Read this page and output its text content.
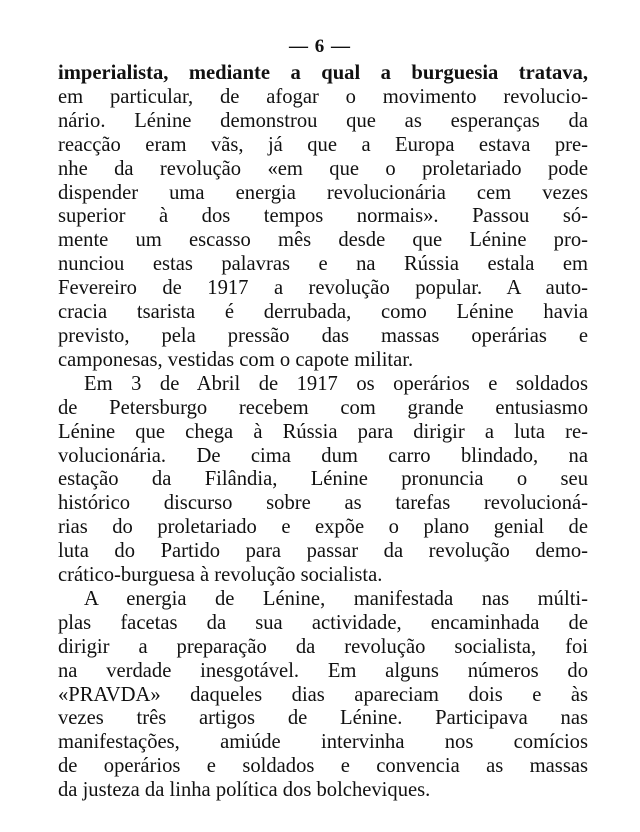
— 6 —
imperialista, mediante a qual a burguesia tratava,
em particular, de afogar o movimento revolucio-
nário. Lénine demonstrou que as esperanças da
reacção eram vãs, já que a Europa estava pre-
nhe da revolução «em que o proletariado pode
dispender uma energia revolucionária cem vezes
superior à dos tempos normais». Passou só-
mente um escasso mês desde que Lénine pro-
nunciou estas palavras e na Rússia estala em
Fevereiro de 1917 a revolução popular. A auto-
cracia tsarista é derrubada, como Lénine havia
previsto, pela pressão das massas operárias e
camponesas, vestidas com o capote militar.
Em 3 de Abril de 1917 os operários e soldados
de Petersburgo recebem com grande entusiasmo
Lénine que chega à Rússia para dirigir a luta re-
volucionária. De cima dum carro blindado, na
estação da Filândia, Lénine pronuncia o seu
histórico discurso sobre as tarefas revolucioná-
rias do proletariado e expõe o plano genial de
luta do Partido para passar da revolução demo-
crático-burguesa à revolução socialista.
A energia de Lénine, manifestada nas múlti-
plas facetas da sua actividade, encaminhada de
dirigir a preparação da revolução socialista, foi
na verdade inesgotável. Em alguns números do
«PRAVDA» daqueles dias apareciam dois e às
vezes três artigos de Lénine. Participava nas
manifestações, amiúde intervinha nos comícios
de operários e soldados e convencia as massas
da justeza da linha política dos bolcheviques.
